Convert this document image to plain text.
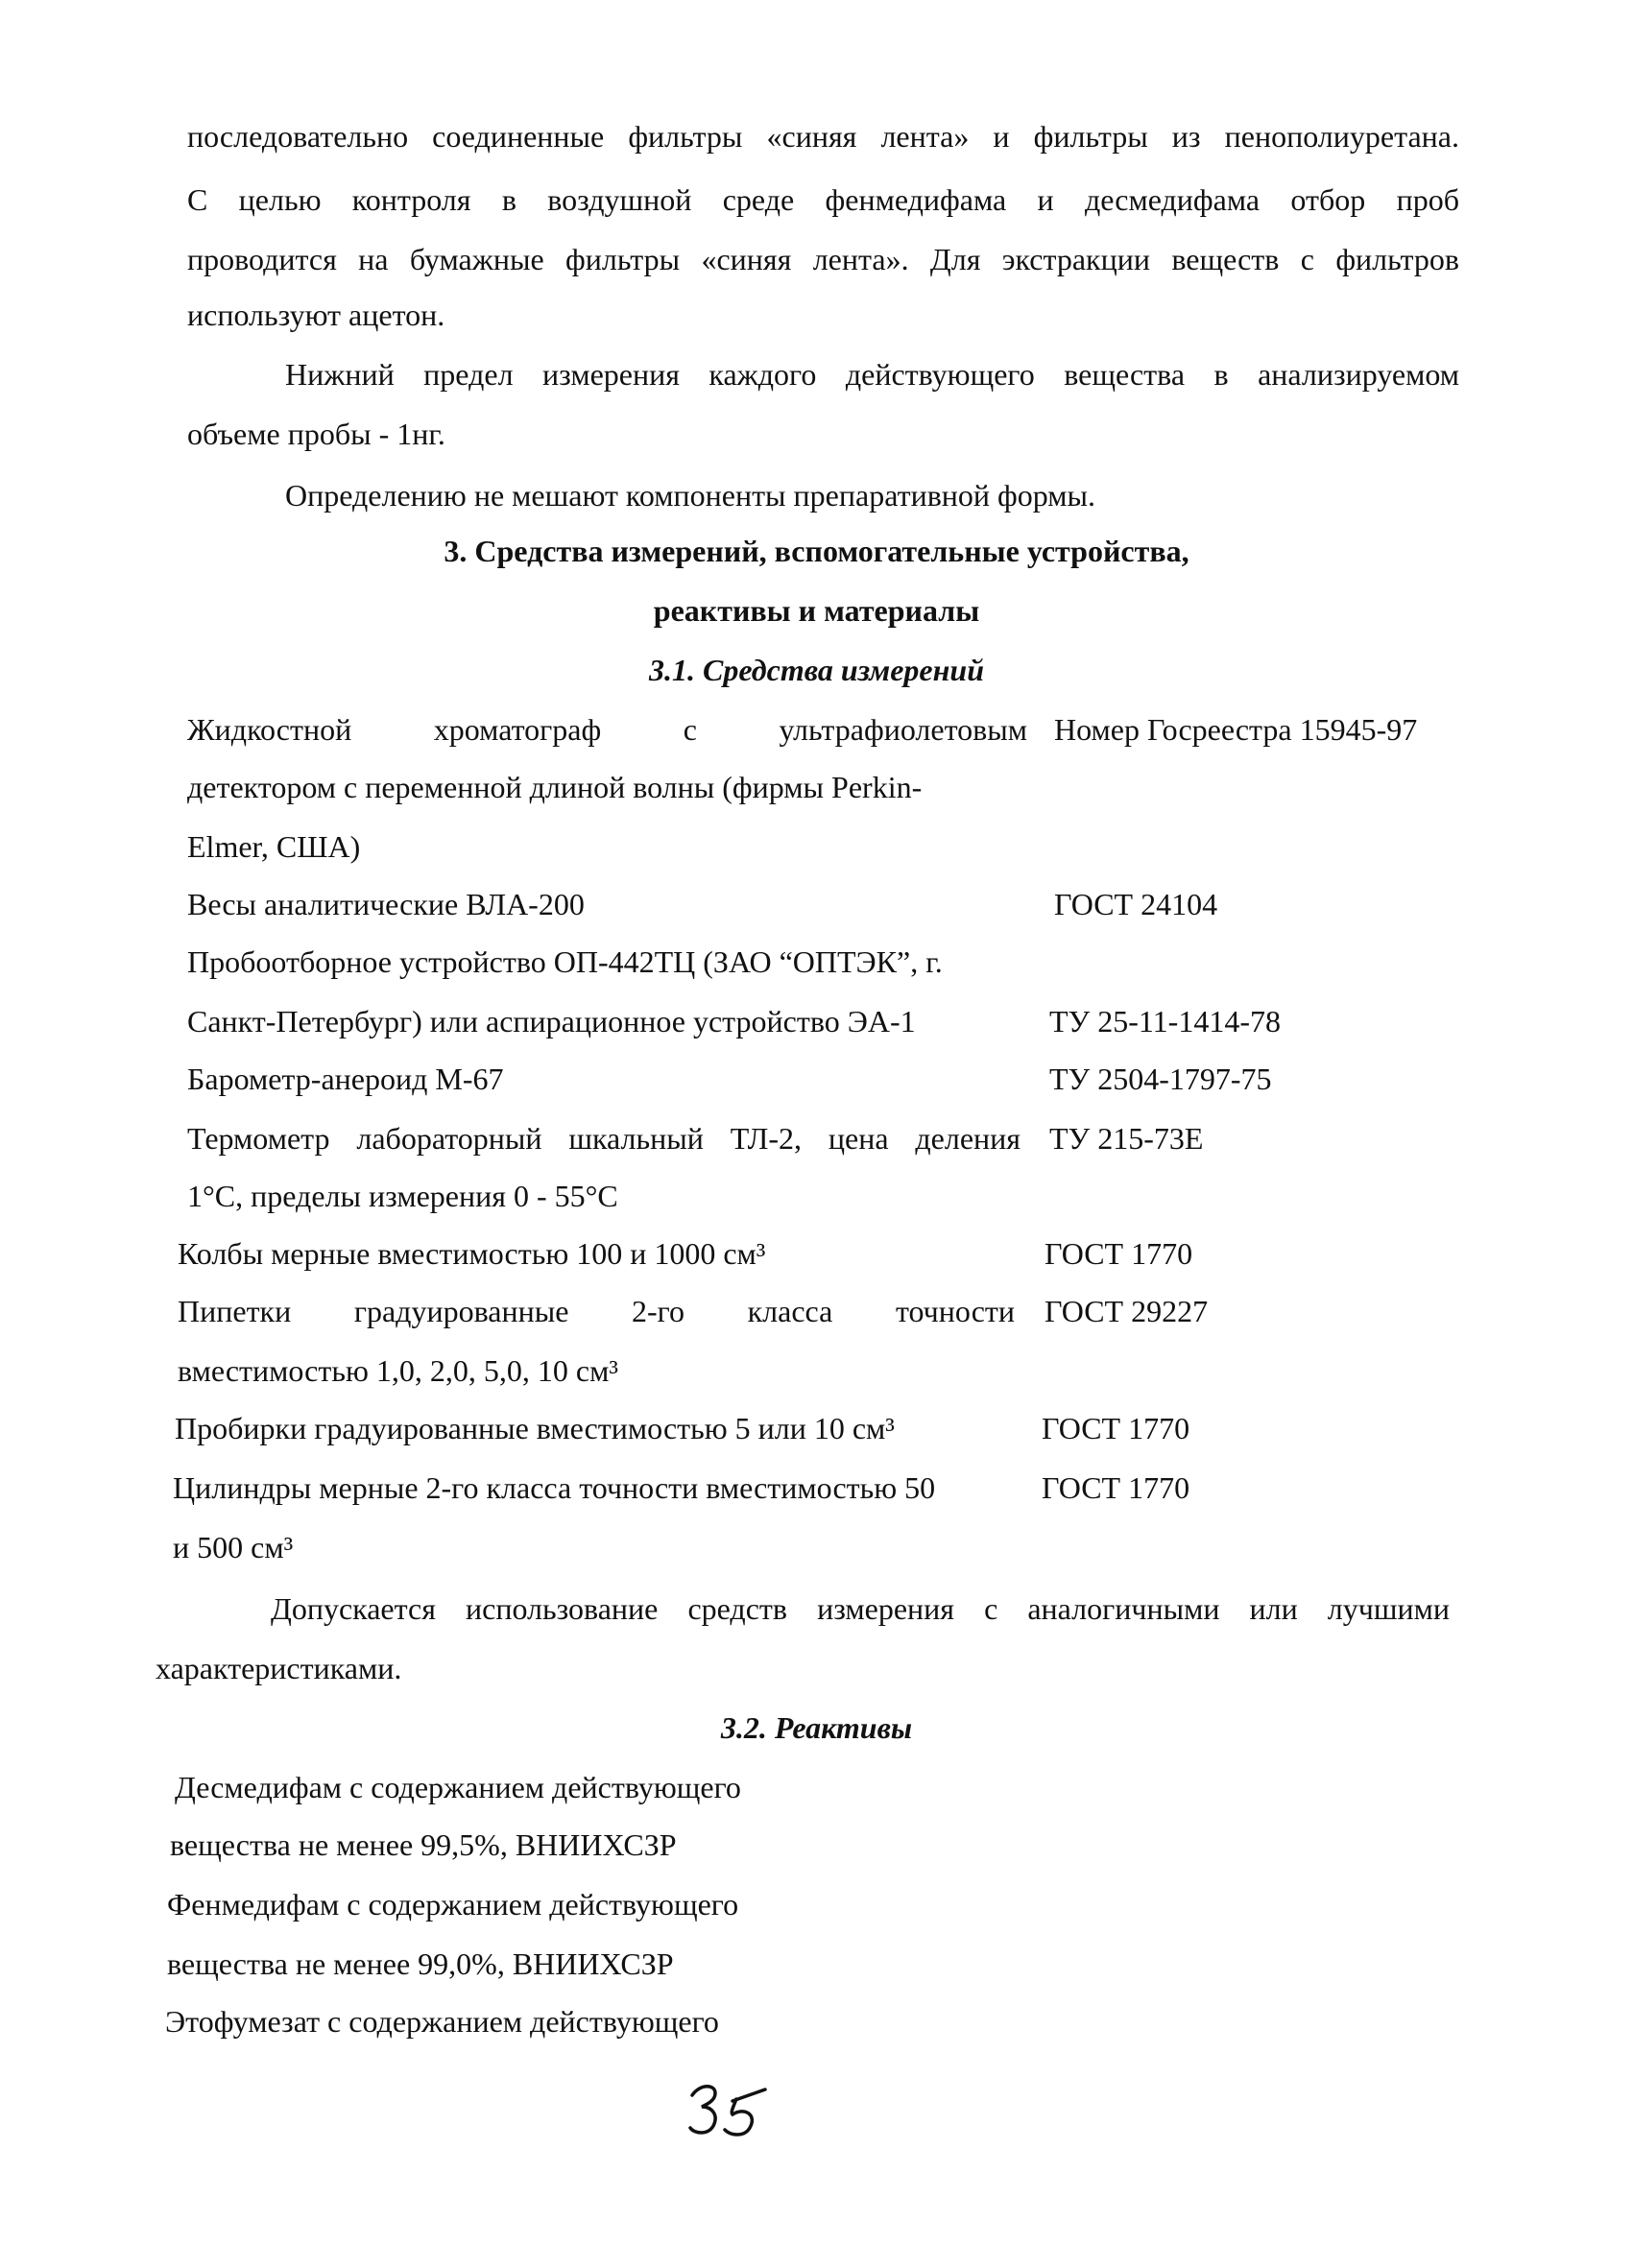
последовательно соединенные фильтры «синяя лента» и фильтры из пенополиуретана.
С целью контроля в воздушной среде фенмедифама и десмедифама отбор проб
проводится на бумажные фильтры «синяя лента». Для экстракции веществ с фильтров
используют ацетон.
Нижний предел измерения каждого действующего вещества в анализируемом
объеме пробы - 1нг.
Определению не мешают компоненты препаративной формы.
3. Средства измерений, вспомогательные устройства,
реактивы и материалы
3.1. Средства измерений
Жидкостной хроматограф с ультрафиолетовым Номер Госреестра 15945-97
детектором с переменной длиной волны (фирмы Perkin-
Elmer, США)
Весы аналитические ВЛА-200	ГОСТ 24104
Пробоотборное устройство ОП-442ТЦ (ЗАО “ОПТЭК”, г.
Санкт-Петербург) или аспирационное устройство ЭА-1	ТУ 25-11-1414-78
Барометр-анероид М-67	ТУ 2504-1797-75
Термометр лабораторный шкальный ТЛ-2, цена деления ТУ 215-73Е
1°С, пределы измерения 0 - 55°С
Колбы мерные вместимостью 100 и 1000 см³	ГОСТ 1770
Пипетки градуированные 2-го класса точности ГОСТ 29227
вместимостью 1,0, 2,0, 5,0, 10 см³
Пробирки градуированные вместимостью 5 или 10 см³	ГОСТ 1770
Цилиндры мерные 2-го класса точности вместимостью 50	ГОСТ 1770
и 500 см³
Допускается использование средств измерения с аналогичными или лучшими
характеристиками.
3.2. Реактивы
Десмедифам с содержанием действующего
вещества не менее 99,5%, ВНИИХСЗР
Фенмедифам с содержанием действующего
вещества не менее 99,0%, ВНИИХСЗР
Этофумезат с содержанием действующего
